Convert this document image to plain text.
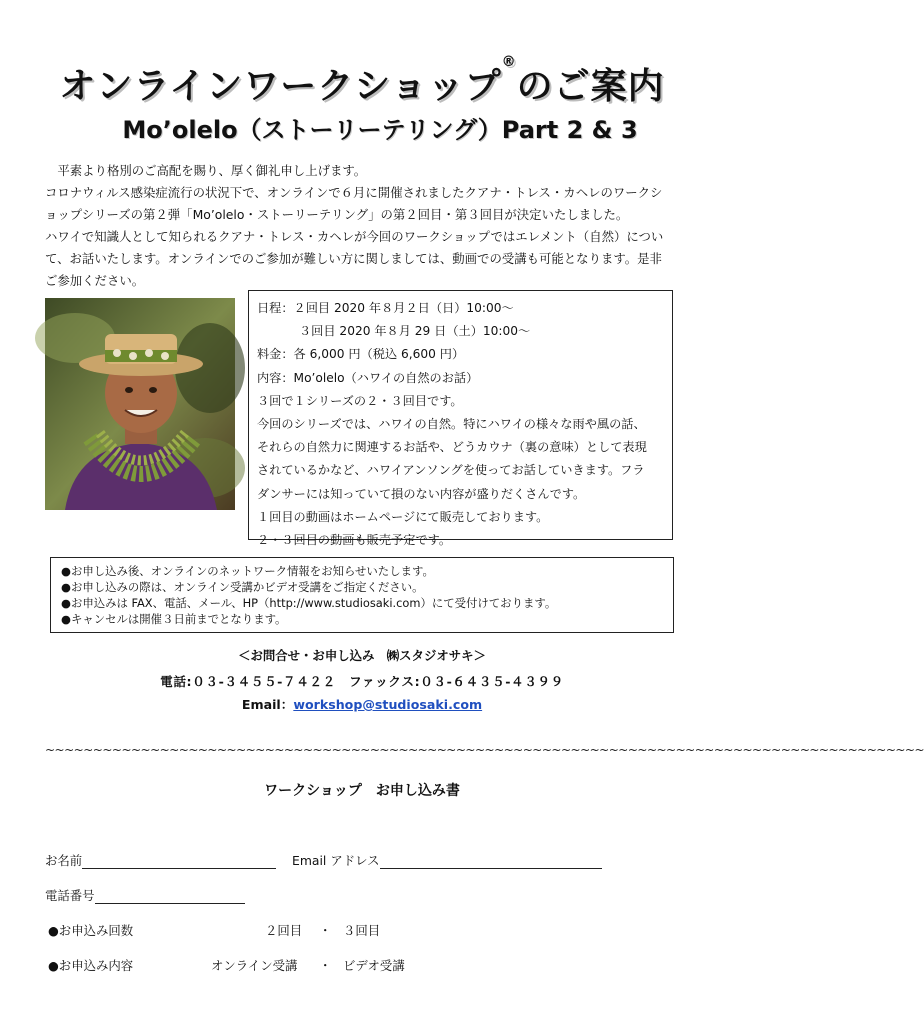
オンラインワークショップ®のご案内
Mo’olelo（ストーリーテリング）Part 2 & 3

　平素より格別のご高配を賜り、厚く御礼申し上げます。

コロナウィルス感染症流行の状況下で、オンラインで６月に開催されましたクアナ・トレス・カヘレのワークシ

ョップシリーズの第２弾「Mo’olelo・ストーリーテリング」の第２回目・第３回目が決定いたしました。

ハワイで知識人として知られるクアナ・トレス・カヘレが今回のワークショップではエレメント（自然）につい

て、お話いたします。オンラインでのご参加が難しい方に関しましては、動画での受講も可能となります。是非

ご参加ください。

日程：２回目 2020 年８月２日（日）10:00～
３回目 2020 年８月 29 日（土）10:00～
料金：各 6,000 円（税込 6,600 円）
内容：Mo’olelo（ハワイの自然のお話）
３回で１シリーズの２・３回目です。
今回のシリーズでは、ハワイの自然。特にハワイの様々な雨や風の話、
それらの自然力に関連するお話や、どうカウナ（裏の意味）として表現
されているかなど、ハワイアンソングを使ってお話していきます。フラ
ダンサーには知っていて損のない内容が盛りだくさんです。
１回目の動画はホームページにて販売しております。
２・３回目の動画も販売予定です。
●お申し込み後、オンラインのネットワーク情報をお知らせいたします。
●お申し込みの際は、オンライン受講かビデオ受講をご指定ください。
●お申込みは FAX、電話、メール、HP（http://www.studiosaki.com）にて受付けております。
●キャンセルは開催３日前までとなります。
＜お問合せ・お申し込み　㈱スタジオサキ＞
電話:０３-３４５５-７４２２　ファックス:０３-６４３５-４３９９
Email：workshop@studiosaki.com
~~~~~~~~~~~~~~~~~~~~~~~~~~~~~~~~~~~~~~~~~~~~~~~~~~~~~~~~~~~~~~~~~~~~~~~~~~~~~~~~~~~~~~~~~~~~
ワークショップ　お申し込み書
お名前	Email アドレス
電話番号
●お申込み回数	２回目 ・ ３回目
●お申込み内容	オンライン受講 ・ ビデオ受講
